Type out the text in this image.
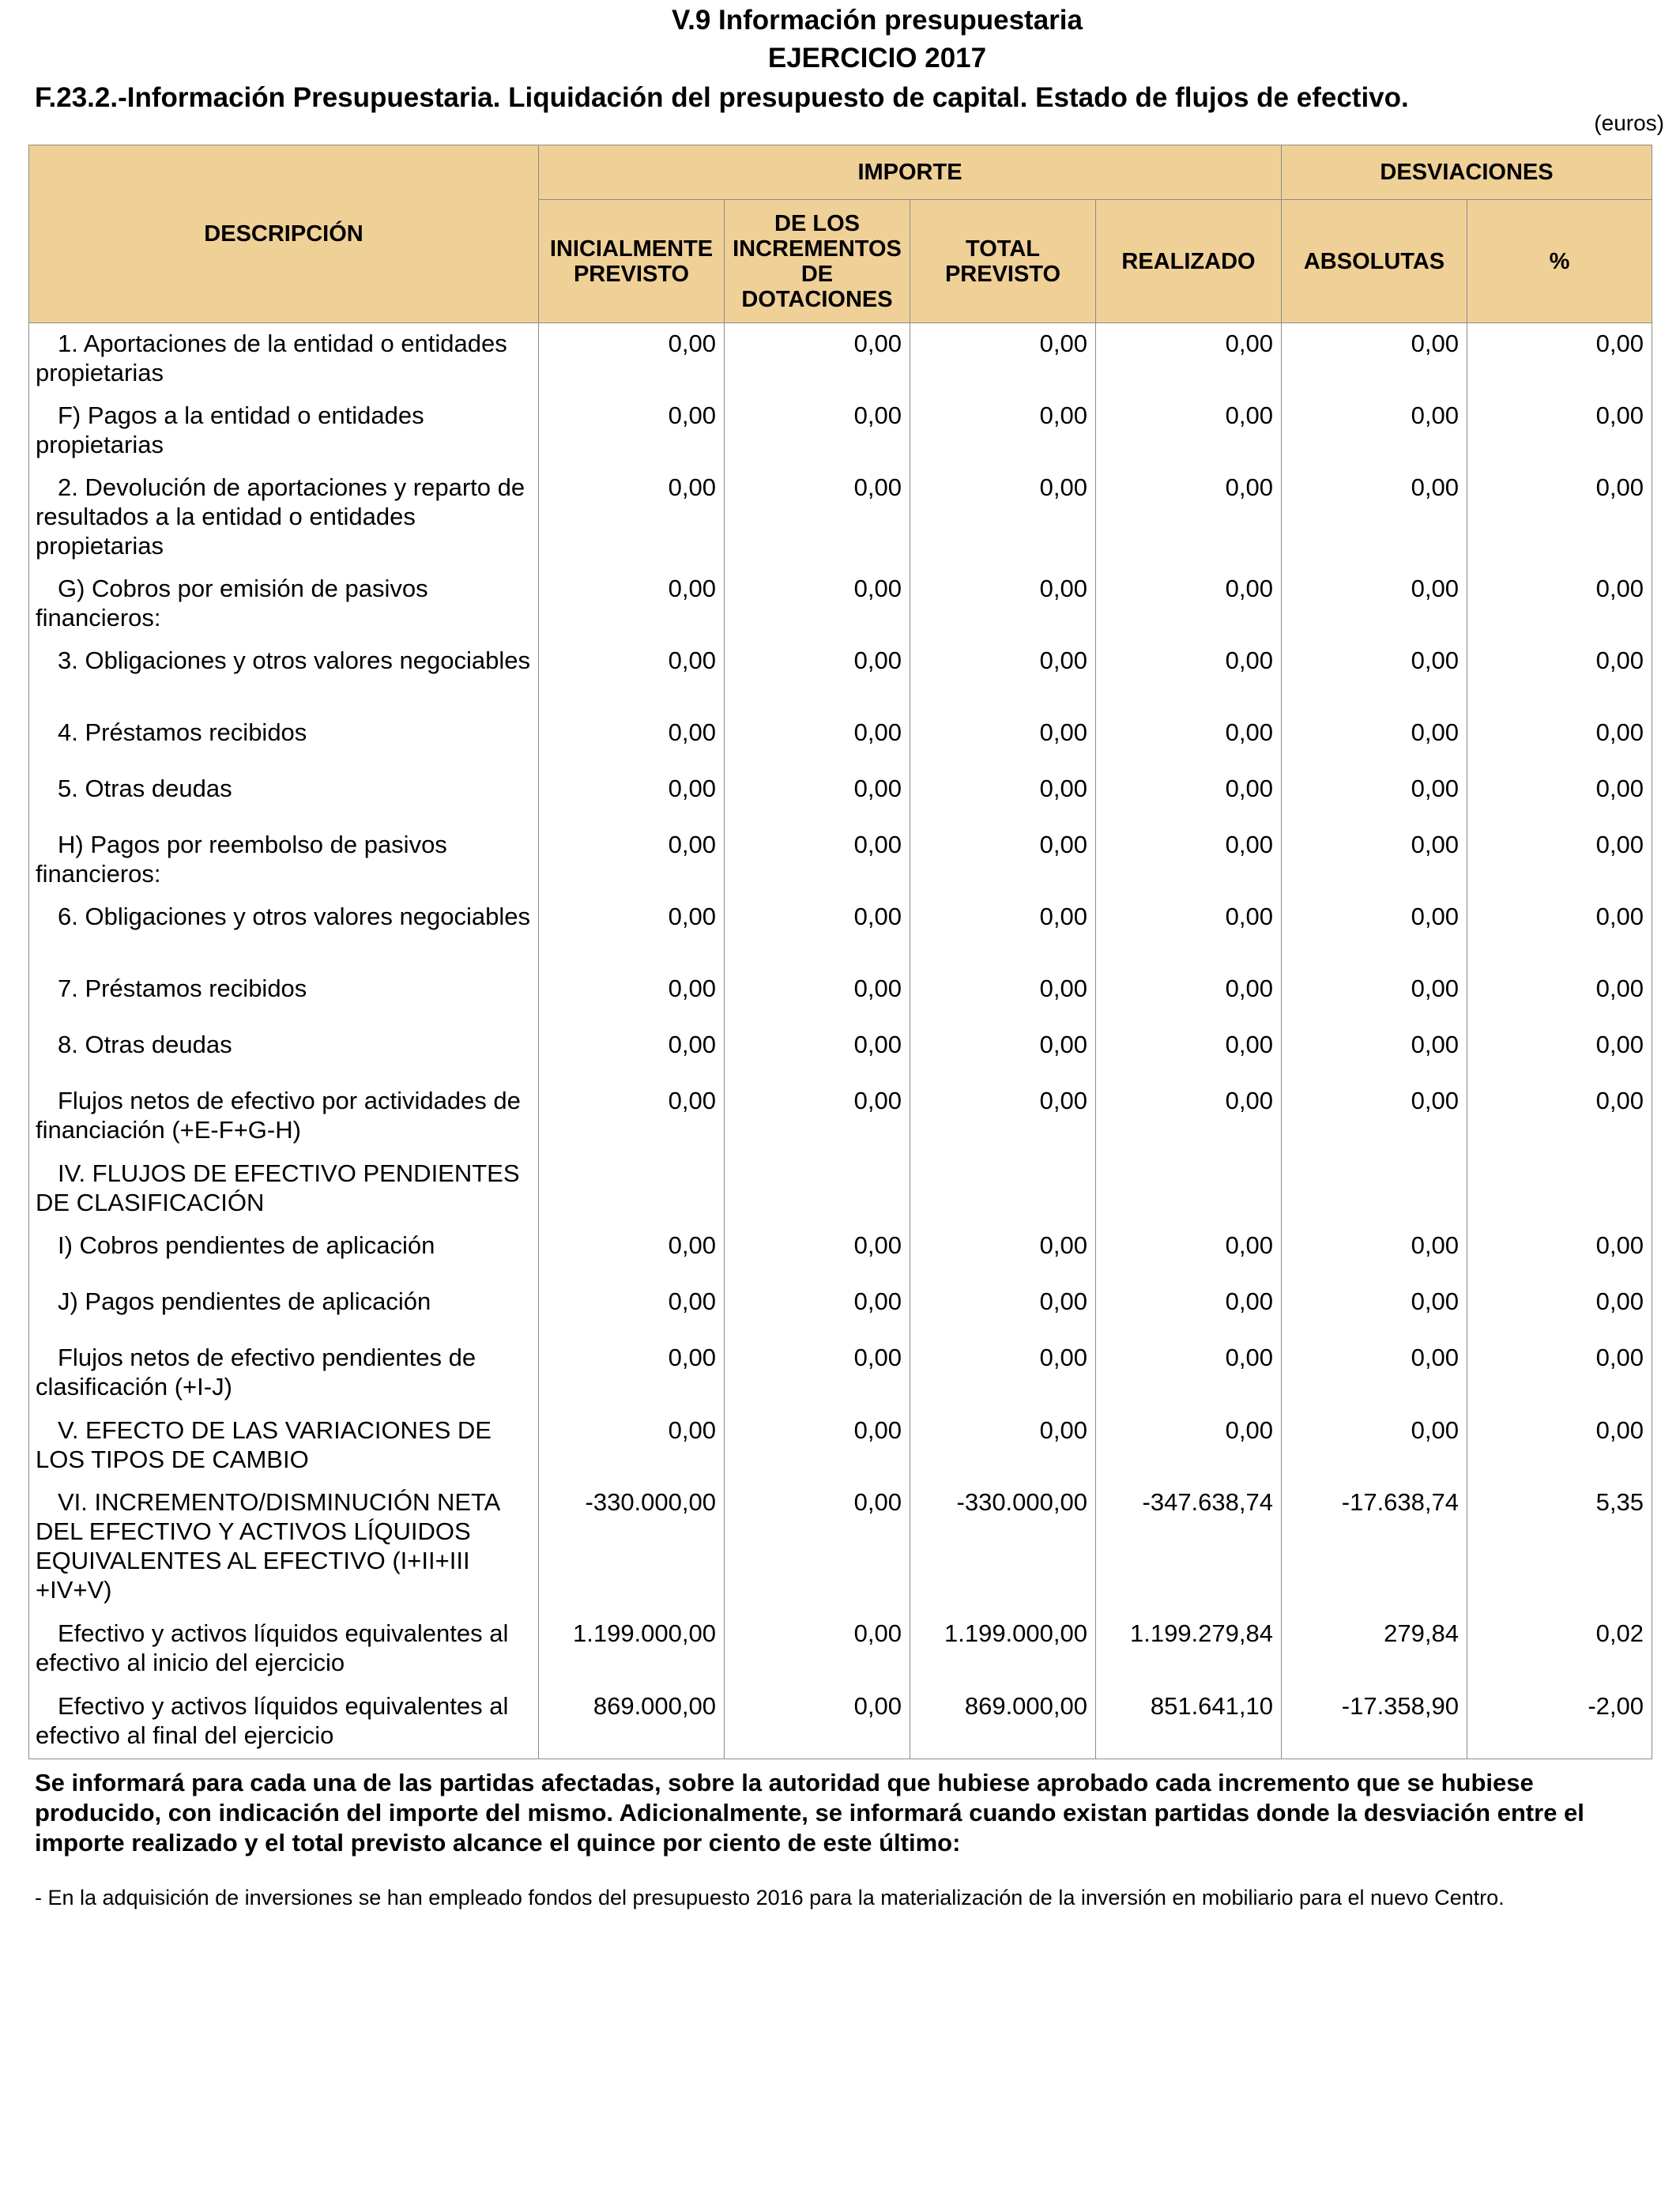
V.9 Información presupuestaria
EJERCICIO 2017
F.23.2.-Información Presupuestaria. Liquidación del presupuesto de capital. Estado de flujos de efectivo.
(euros)
DESCRIPCIÓN	IMPORTE				DESVIACIONES	
	INICIALMENTE PREVISTO	DE LOS INCREMENTOS DE DOTACIONES	TOTAL PREVISTO	REALIZADO	ABSOLUTAS	%

1. Aportaciones de la entidad o entidades propietarias	0,00	0,00	0,00	0,00	0,00	0,00

F) Pagos a la entidad o entidades propietarias	0,00	0,00	0,00	0,00	0,00	0,00

2. Devolución de aportaciones y reparto de resultados a la entidad o entidades propietarias	0,00	0,00	0,00	0,00	0,00	0,00

G) Cobros por emisión de pasivos financieros:	0,00	0,00	0,00	0,00	0,00	0,00

3. Obligaciones y otros valores negociables	0,00	0,00	0,00	0,00	0,00	0,00

4. Préstamos recibidos	0,00	0,00	0,00	0,00	0,00	0,00

5. Otras deudas	0,00	0,00	0,00	0,00	0,00	0,00

H) Pagos por reembolso de pasivos financieros:	0,00	0,00	0,00	0,00	0,00	0,00

6. Obligaciones y otros valores negociables	0,00	0,00	0,00	0,00	0,00	0,00

7. Préstamos recibidos	0,00	0,00	0,00	0,00	0,00	0,00

8. Otras deudas	0,00	0,00	0,00	0,00	0,00	0,00

Flujos netos de efectivo por actividades de financiación (+E-F+G-H)	0,00	0,00	0,00	0,00	0,00	0,00

IV. FLUJOS DE EFECTIVO PENDIENTES DE CLASIFICACIÓN						

I) Cobros pendientes de aplicación	0,00	0,00	0,00	0,00	0,00	0,00

J) Pagos pendientes de aplicación	0,00	0,00	0,00	0,00	0,00	0,00

Flujos netos de efectivo pendientes de clasificación (+I-J)	0,00	0,00	0,00	0,00	0,00	0,00

V. EFECTO DE LAS VARIACIONES DE LOS TIPOS DE CAMBIO	0,00	0,00	0,00	0,00	0,00	0,00

VI. INCREMENTO/DISMINUCIÓN NETA DEL EFECTIVO Y ACTIVOS LÍQUIDOS EQUIVALENTES AL EFECTIVO (I+II+III +IV+V)	-330.000,00	0,00	-330.000,00	-347.638,74	-17.638,74	5,35

Efectivo y activos líquidos equivalentes al efectivo al inicio del ejercicio	1.199.000,00	0,00	1.199.000,00	1.199.279,84	279,84	0,02

Efectivo y activos líquidos equivalentes al efectivo al final del ejercicio	869.000,00	0,00	869.000,00	851.641,10	-17.358,90	-2,00
Se informará para cada una de las partidas afectadas, sobre la autoridad que hubiese aprobado cada incremento que se hubiese producido, con indicación del importe del mismo. Adicionalmente, se informará cuando existan partidas donde la desviación entre el importe realizado y el total previsto alcance el quince por ciento de este último:
- En la adquisición de inversiones se han empleado fondos del presupuesto 2016 para la materialización de la inversión en mobiliario para el nuevo Centro.
